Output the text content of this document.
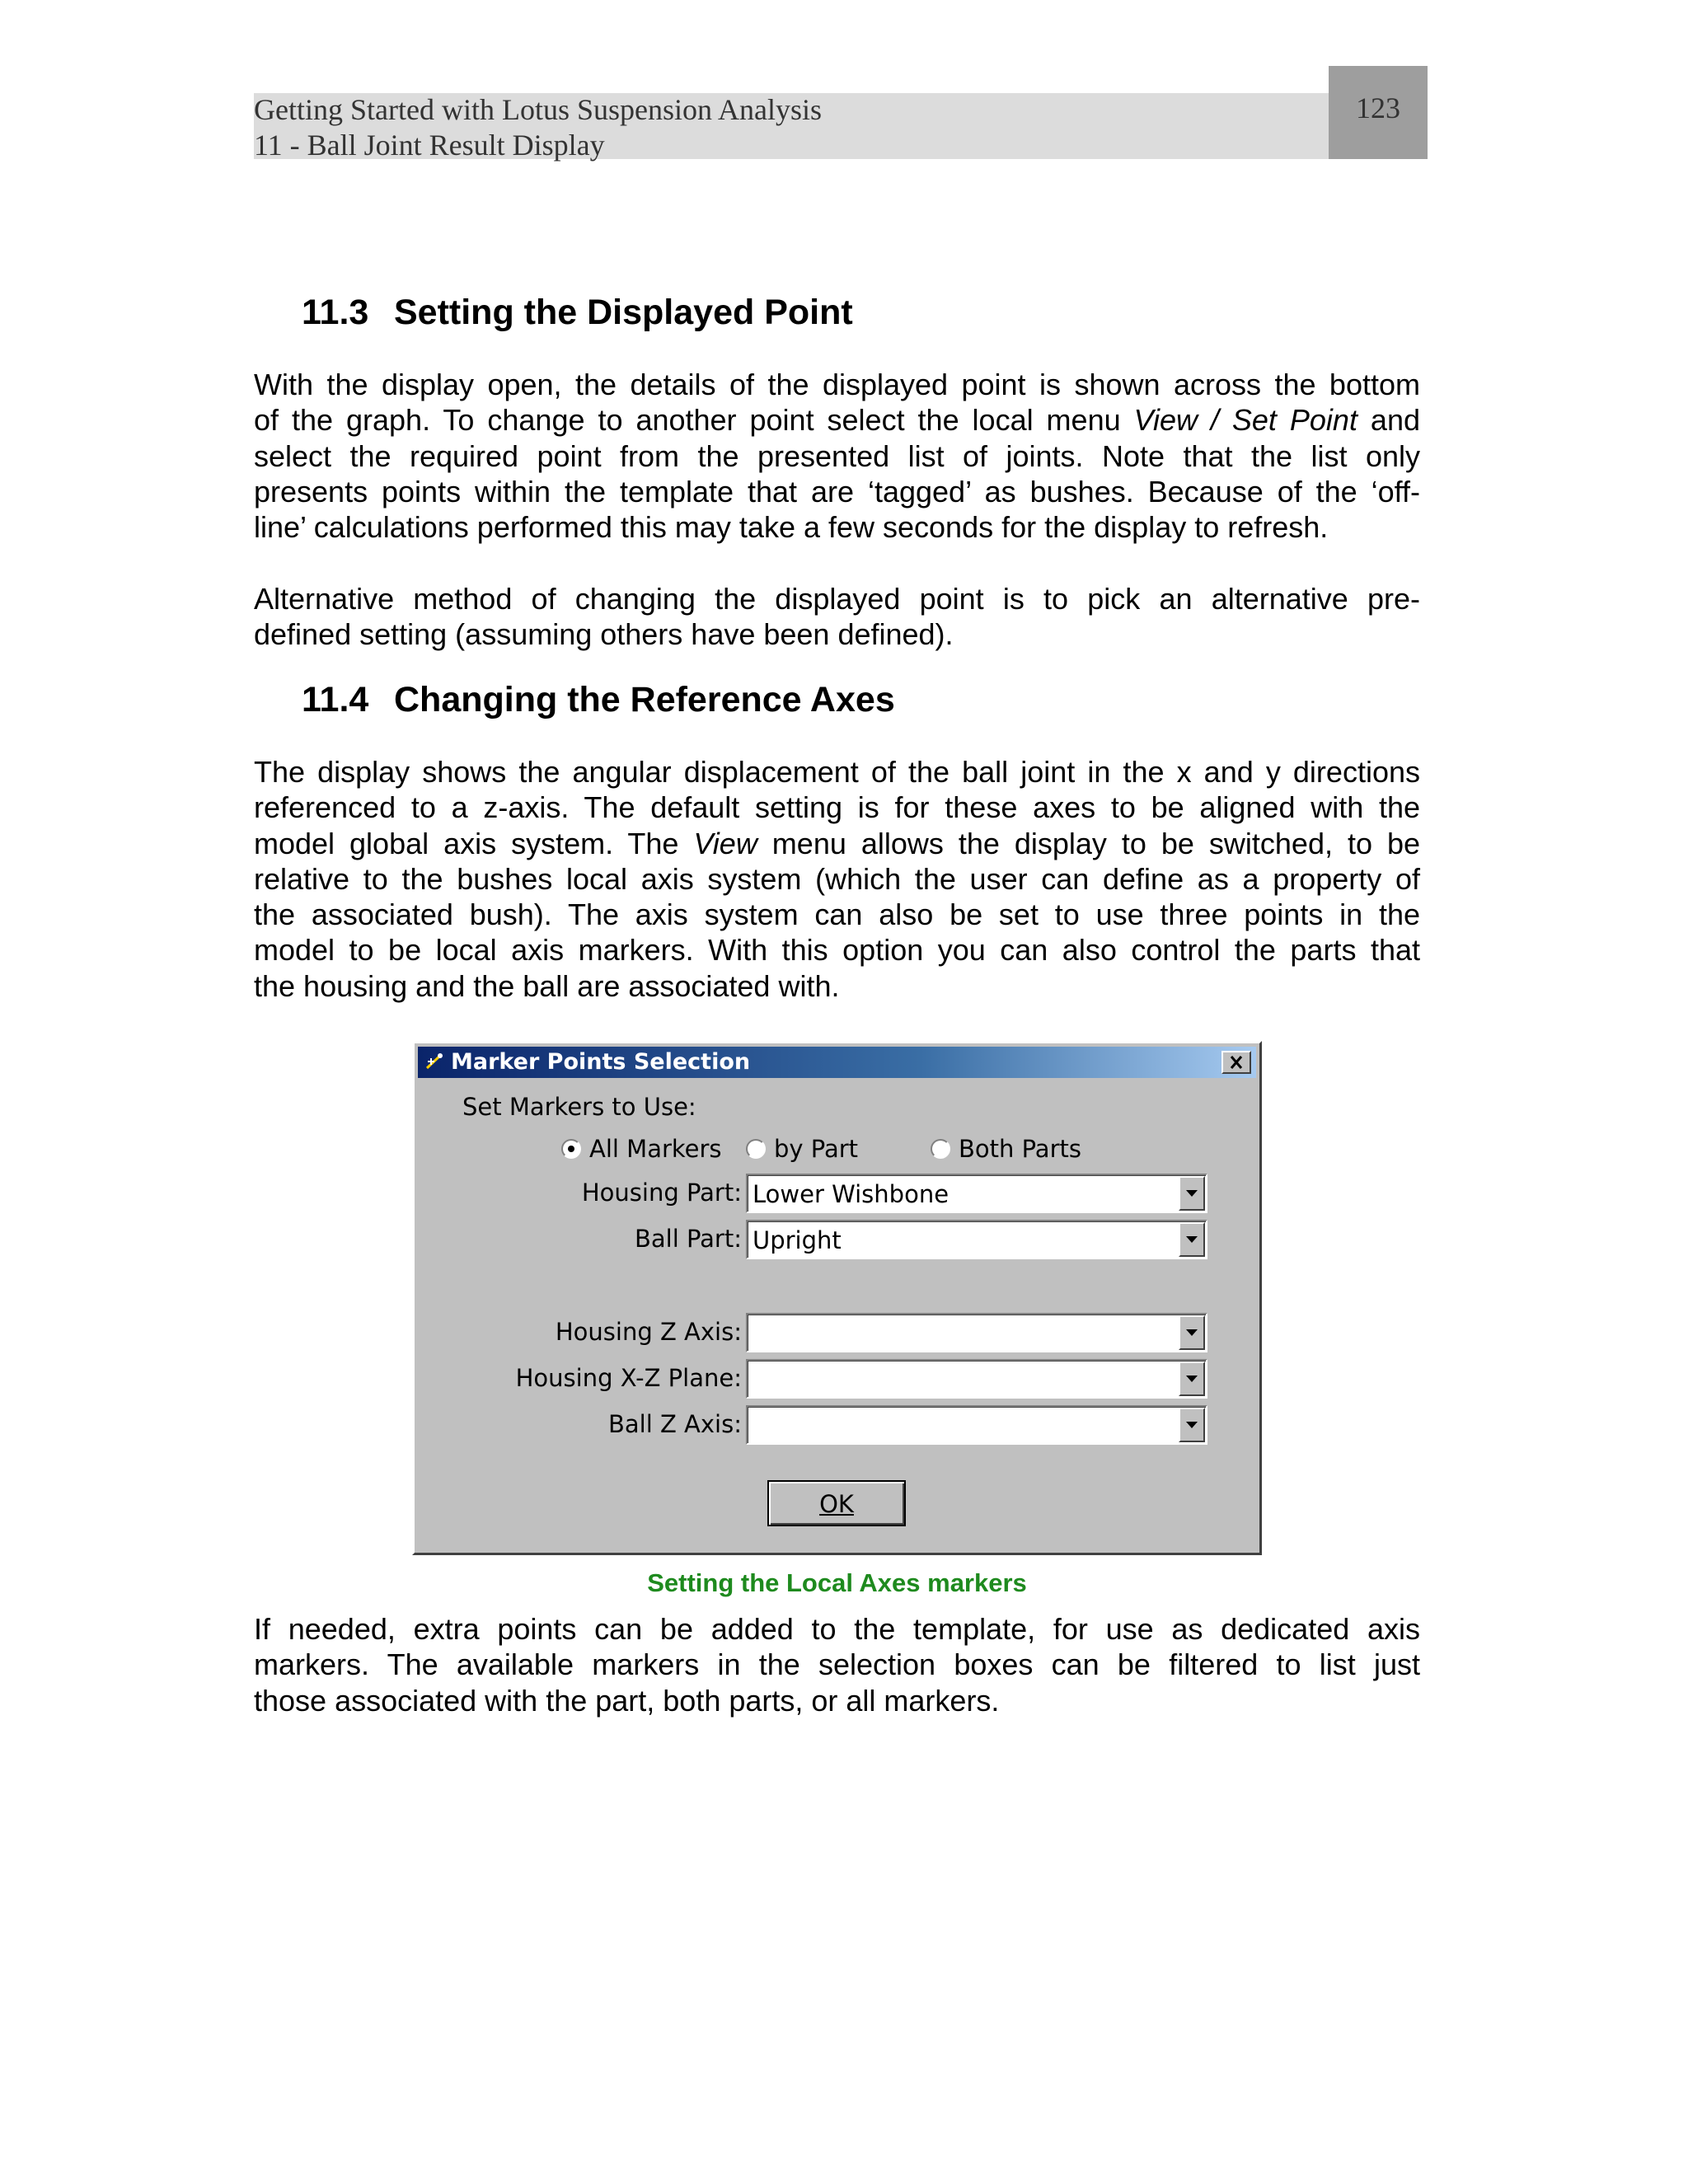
Getting Started with Lotus Suspension Analysis
11 - Ball Joint Result Display
123
11.3 Setting the Displayed Point
With the display open, the details of the displayed point is shown across the bottom
of the graph. To change to another point select the local menu View / Set Point and
select the required point from the presented list of joints. Note that the list only
presents points within the template that are ‘tagged’ as bushes. Because of the ‘off-
line’ calculations performed this may take a few seconds for the display to refresh.
Alternative method of changing the displayed point is to pick an alternative pre-
defined setting (assuming others have been defined).
11.4 Changing the Reference Axes
The display shows the angular displacement of the ball joint in the x and y directions
referenced to a z-axis. The default setting is for these axes to be aligned with the
model global axis system. The View menu allows the display to be switched, to be
relative to the bushes local axis system (which the user can define as a property of
the associated bush). The axis system can also be set to use three points in the
model to be local axis markers. With this option you can also control the parts that
the housing and the ball are associated with.
Marker Points Selection
Set Markers to Use:
All Markers by Part	Both Parts
Housing Part: Lower Wishbone
Ball Part: Upright
Housing Z Axis:
Housing X-Z Plane:
Ball Z Axis:
OK

Setting the Local Axes markers

If needed, extra points can be added to the template, for use as dedicated axis
markers. The available markers in the selection boxes can be filtered to list just
those associated with the part, both parts, or all markers.
